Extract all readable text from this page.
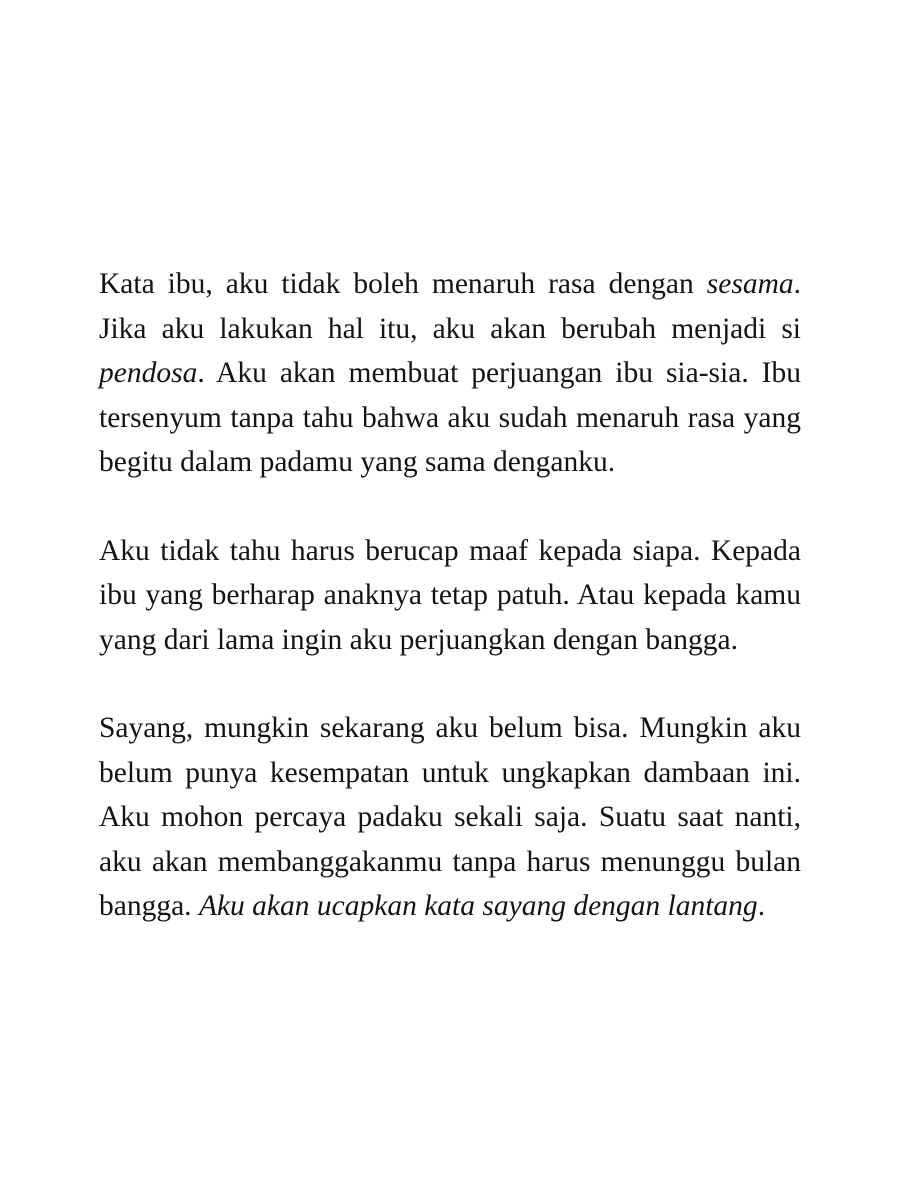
Kata ibu, aku tidak boleh menaruh rasa dengan sesama. Jika aku lakukan hal itu, aku akan berubah menjadi si pendosa. Aku akan membuat perjuangan ibu sia-sia. Ibu tersenyum tanpa tahu bahwa aku sudah menaruh rasa yang begitu dalam padamu yang sama denganku.

Aku tidak tahu harus berucap maaf kepada siapa. Kepada ibu yang berharap anaknya tetap patuh. Atau kepada kamu yang dari lama ingin aku perjuangkan dengan bangga.

Sayang, mungkin sekarang aku belum bisa. Mungkin aku belum punya kesempatan untuk ungkapkan dambaan ini. Aku mohon percaya padaku sekali saja. Suatu saat nanti, aku akan membanggakanmu tanpa harus menunggu bulan bangga. Aku akan ucapkan kata sayang dengan lantang.
